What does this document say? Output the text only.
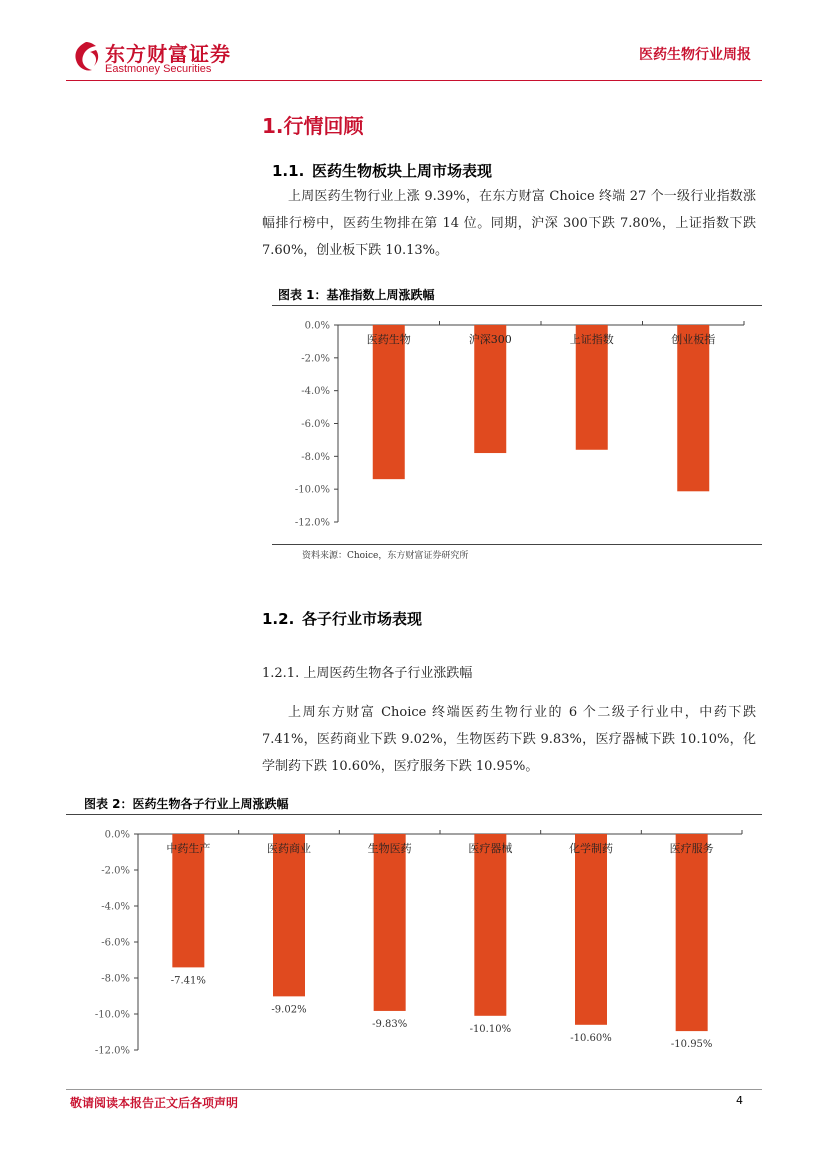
东方财富证券
Eastmoney Securities
医药生物行业周报
1.行情回顾
1.1. 医药生物板块上周市场表现

上周医药生物行业上涨 9.39%，在东方财富 Choice 终端 27 个一级行业指数涨幅排行榜中，医药生物排在第 14 位。同期，沪深 300下跌 7.80%，上证指数下跌 7.60%，创业板下跌 10.13%。

图表 1：基准指数上周涨跌幅
0.0%
-2.0%
-4.0%
-6.0%
-8.0%
-10.0%
-12.0%
医药生物	沪深300	上证指数	创业板指
资料来源：Choice，东方财富证券研究所
1.2. 各子行业市场表现
1.2.1. 上周医药生物各子行业涨跌幅

上周东方财富 Choice 终端医药生物行业的 6 个二级子行业中，中药下跌 7.41%，医药商业下跌 9.02%，生物医药下跌 9.83%，医疗器械下跌 10.10%，化学制药下跌 10.60%，医疗服务下跌 10.95%。

图表 2：医药生物各子行业上周涨跌幅
0.0%
-2.0%
-4.0%
-6.0%
-8.0%
-10.0%
-12.0%
中药生产
-7.41%
医药商业
-9.02%
生物医药
-9.83%
医疗器械
-10.10%
化学制药
-10.60%
医疗服务
-10.95%
敬请阅读本报告正文后各项声明	4
